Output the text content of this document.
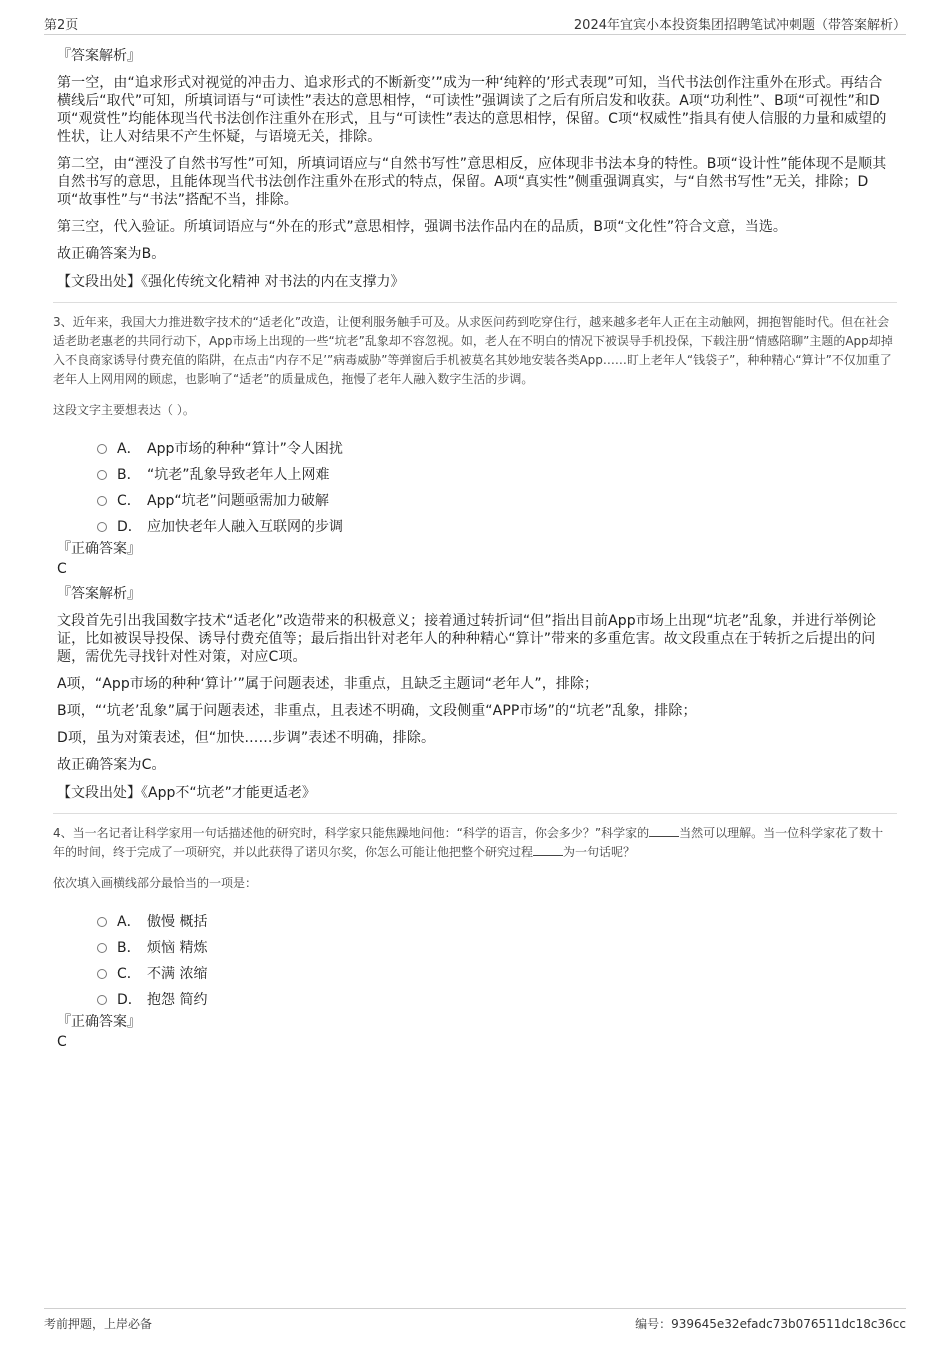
第2页	2024年宜宾小本投资集团招聘笔试冲刺题（带答案解析）
『答案解析』

第一空，由“追求形式对视觉的冲击力、追求形式的不断新变’”成为一种‘纯粹的’形式表现”可知，当代书法创作注重外在形式。再结合横线后“取代”可知，所填词语与“可读性”表达的意思相悖，“可读性”强调读了之后有所启发和收获。A项“功利性”、B项“可视性”和D项“观赏性”均能体现当代书法创作注重外在形式，且与“可读性”表达的意思相悖，保留。C项“权威性”指具有使人信服的力量和威望的性状，让人对结果不产生怀疑，与语境无关，排除。

第二空，由“湮没了自然书写性”可知，所填词语应与“自然书写性”意思相反，应体现非书法本身的特性。B项“设计性”能体现不是顺其自然书写的意思，且能体现当代书法创作注重外在形式的特点，保留。A项“真实性”侧重强调真实，与“自然书写性”无关，排除；D项“故事性”与“书法”搭配不当，排除。

第三空，代入验证。所填词语应与“外在的形式”意思相悖，强调书法作品内在的品质，B项“文化性”符合文意，当选。

故正确答案为B。

【文段出处】《强化传统文化精神 对书法的内在支撑力》
3、近年来，我国大力推进数字技术的“适老化”改造，让便利服务触手可及。从求医问药到吃穿住行，越来越多老年人正在主动触网，拥抱智能时代。但在社会适老助老惠老的共同行动下，App市场上出现的一些“坑老”乱象却不容忽视。如，老人在不明白的情况下被误导手机投保，下载注册“情感陪聊”主题的App却掉入不良商家诱导付费充值的陷阱，在点击“内存不足’”病毒威胁”等弹窗后手机被莫名其妙地安装各类App……盯上老年人“钱袋子”，种种精心“算计”不仅加重了老年人上网用网的顾虑，也影响了“适老”的质量成色，拖慢了老年人融入数字生活的步调。
这段文字主要想表达（ ）。
A． App市场的种种“算计”令人困扰
B． “坑老”乱象导致老年人上网难
C． App“坑老”问题亟需加力破解
D． 应加快老年人融入互联网的步调
『正确答案』
C
『答案解析』

文段首先引出我国数字技术“适老化”改造带来的积极意义；接着通过转折词“但”指出目前App市场上出现“坑老”乱象，并进行举例论证，比如被误导投保、诱导付费充值等；最后指出针对老年人的种种精心“算计”带来的多重危害。故文段重点在于转折之后提出的问题，需优先寻找针对性对策，对应C项。

A项，“App市场的种种‘算计’”属于问题表述，非重点，且缺乏主题词“老年人”，排除；

B项，“‘坑老’乱象”属于问题表述，非重点，且表述不明确，文段侧重“APP市场”的“坑老”乱象，排除；

D项，虽为对策表述，但“加快……步调”表述不明确，排除。

故正确答案为C。

【文段出处】《App不“坑老”才能更适老》
4、当一名记者让科学家用一句话描述他的研究时，科学家只能焦躁地问他：“科学的语言，你会多少？”科学家的	当然可以理解。当一位科学家花了数十年的时间，终于完成了一项研究，并以此获得了诺贝尔奖，你怎么可能让他把整个研究过程	为一句话呢？
依次填入画横线部分最恰当的一项是：
A． 傲慢 概括
B． 烦恼 精炼
C． 不满 浓缩
D． 抱怨 简约
『正确答案』
C
考前押题，上岸必备	编号：939645e32efadc73b076511dc18c36cc
